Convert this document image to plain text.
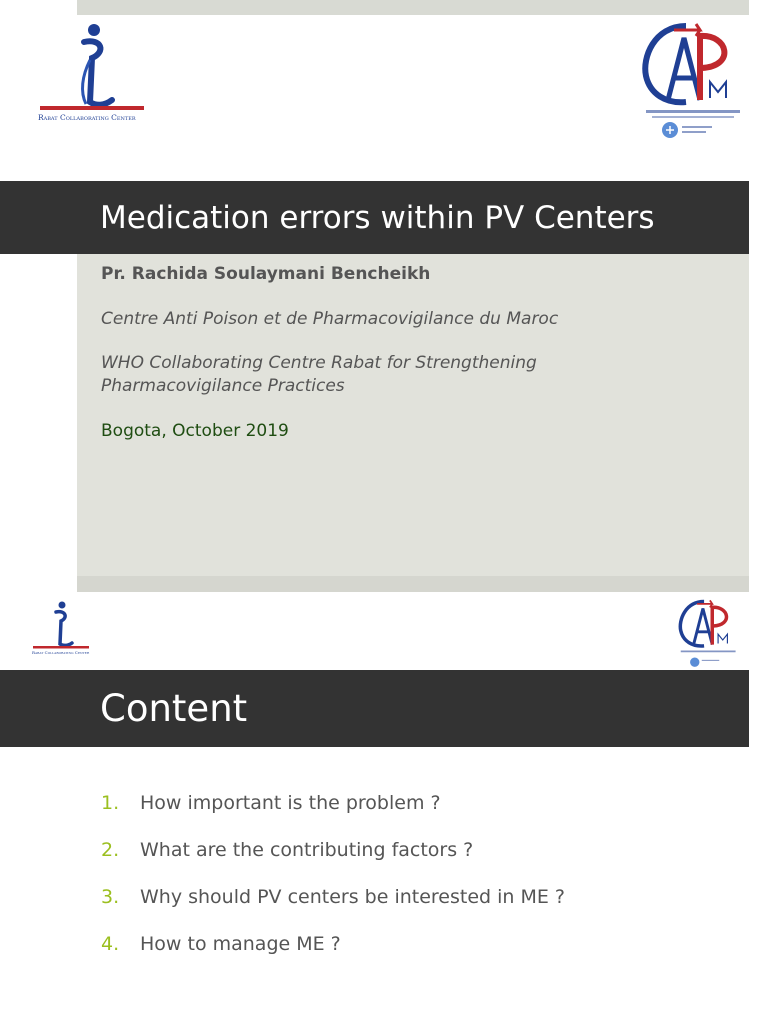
Rabat Collaborating Center
Medication errors within PV Centers
Pr. Rachida Soulaymani Bencheikh
Centre Anti Poison et de Pharmacovigilance du Maroc
WHO Collaborating Centre Rabat for Strengthening Pharmacovigilance Practices
Bogota, October 2019
Rabat Collaborating Center
Content
1.	How important is the problem ?
2.	What are the contributing factors ?
3.	Why should PV centers be interested in ME ?
4.	How to manage ME ?
